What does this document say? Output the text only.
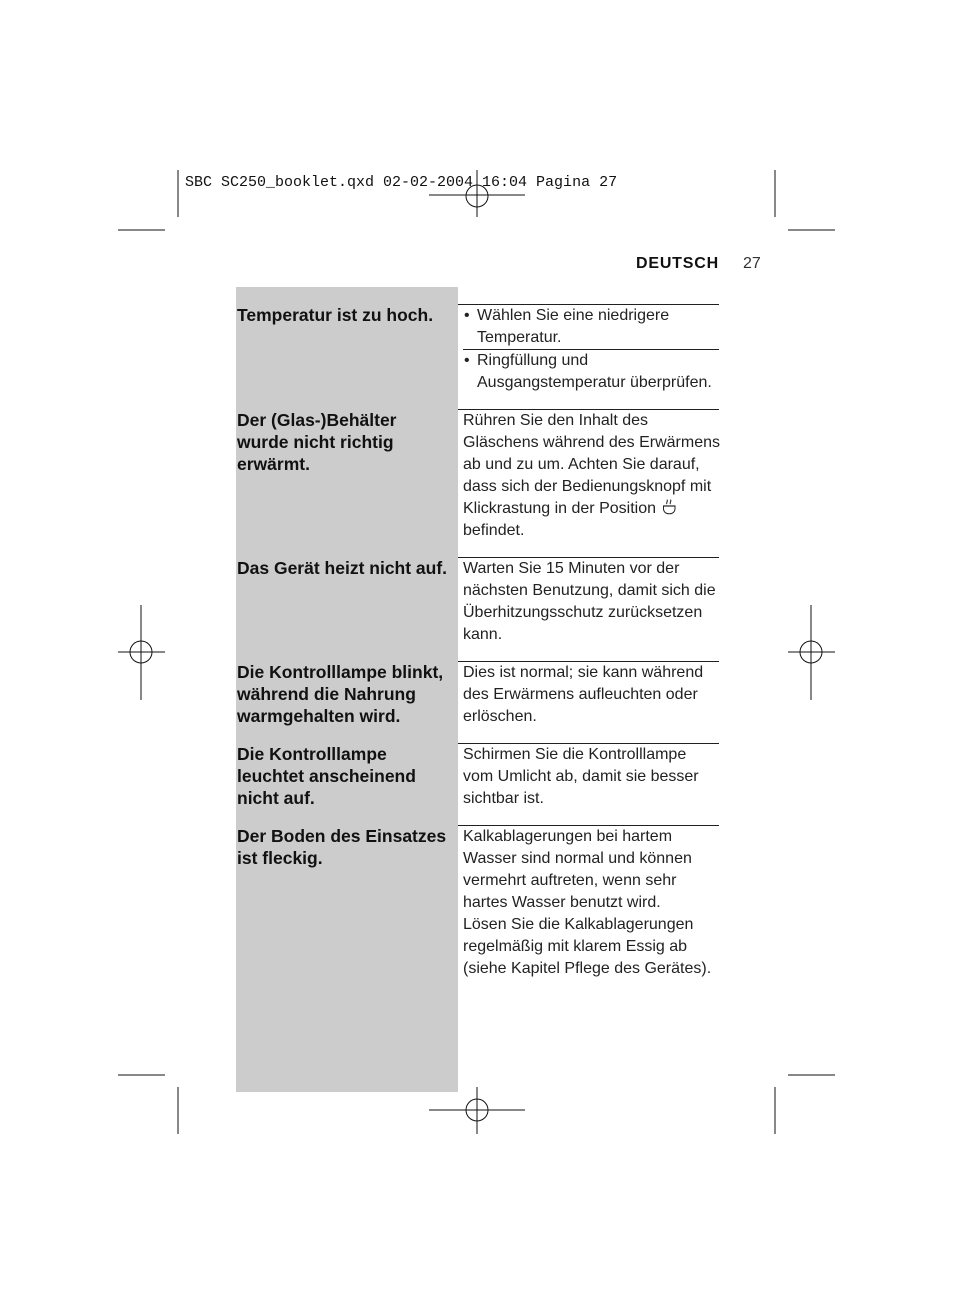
SBC SC250_booklet.qxd 02-02-2004 16:04 Pagina 27
DEUTSCH 27
Temperatur ist zu hoch.	• Wählen Sie eine niedrigere
Temperatur.
• Ringfüllung und
Ausgangstemperatur überprüfen.
Der (Glas-)Behälter
wurde nicht richtig
erwärmt.
Rühren Sie den Inhalt des
Gläschens während des Erwärmens
ab und zu um. Achten Sie darauf,
dass sich der Bedienungsknopf mit
Klickrastung in der Position
befindet.
Das Gerät heizt nicht auf. Warten Sie 15 Minuten vor der
nächsten Benutzung, damit sich die
Überhitzungsschutz zurücksetzen
kann.
Die Kontrolllampe blinkt,
während die Nahrung
warmgehalten wird.
Dies ist normal; sie kann während
des Erwärmens aufleuchten oder
erlöschen.
Die Kontrolllampe
leuchtet anscheinend
nicht auf.
Schirmen Sie die Kontrolllampe
vom Umlicht ab, damit sie besser
sichtbar ist.
Der Boden des Einsatzes
ist fleckig.
Kalkablagerungen bei hartem
Wasser sind normal und können
vermehrt auftreten, wenn sehr
hartes Wasser benutzt wird.
Lösen Sie die Kalkablagerungen
regelmäßig mit klarem Essig ab
(siehe Kapitel Pflege des Gerätes).
